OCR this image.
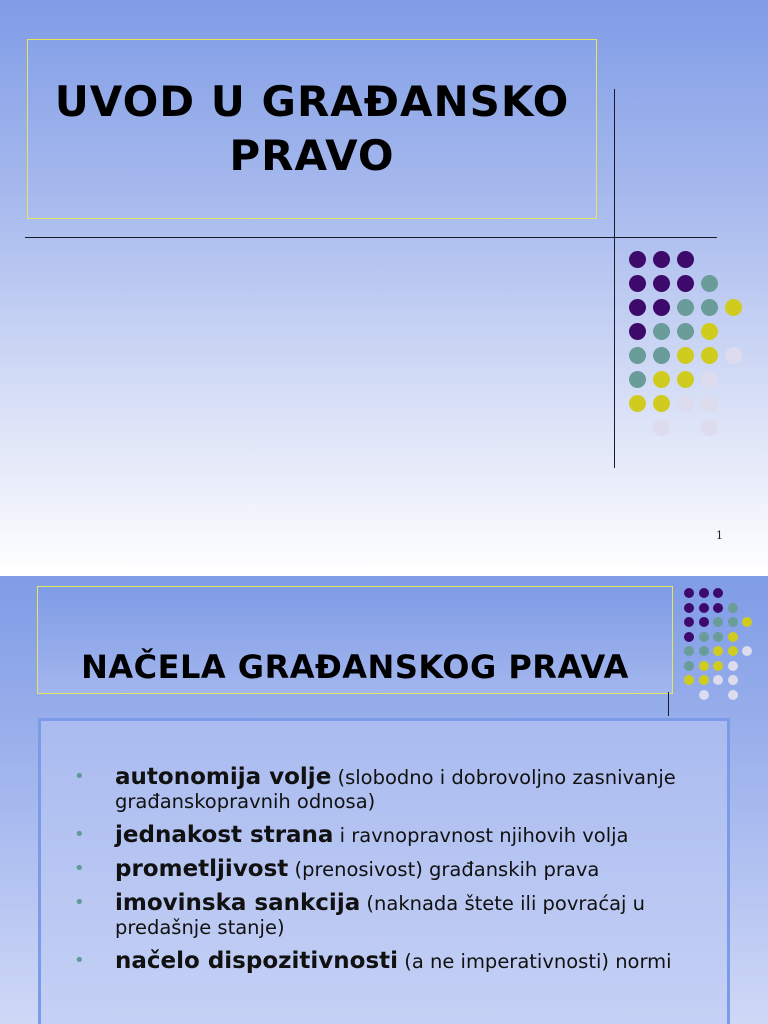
UVOD U GRAĐANSKO
PRAVO
1
NAČELA GRAĐANSKOG PRAVA
• autonomija volje (slobodno i dobrovoljno zasnivanje građanskopravnih odnosa)
• jednakost strana i ravnopravnost njihovih volja
• prometljivost (prenosivost) građanskih prava
• imovinska sankcija (naknada štete ili povraćaj u predašnje stanje)
• načelo dispozitivnosti (a ne imperativnosti) normi
